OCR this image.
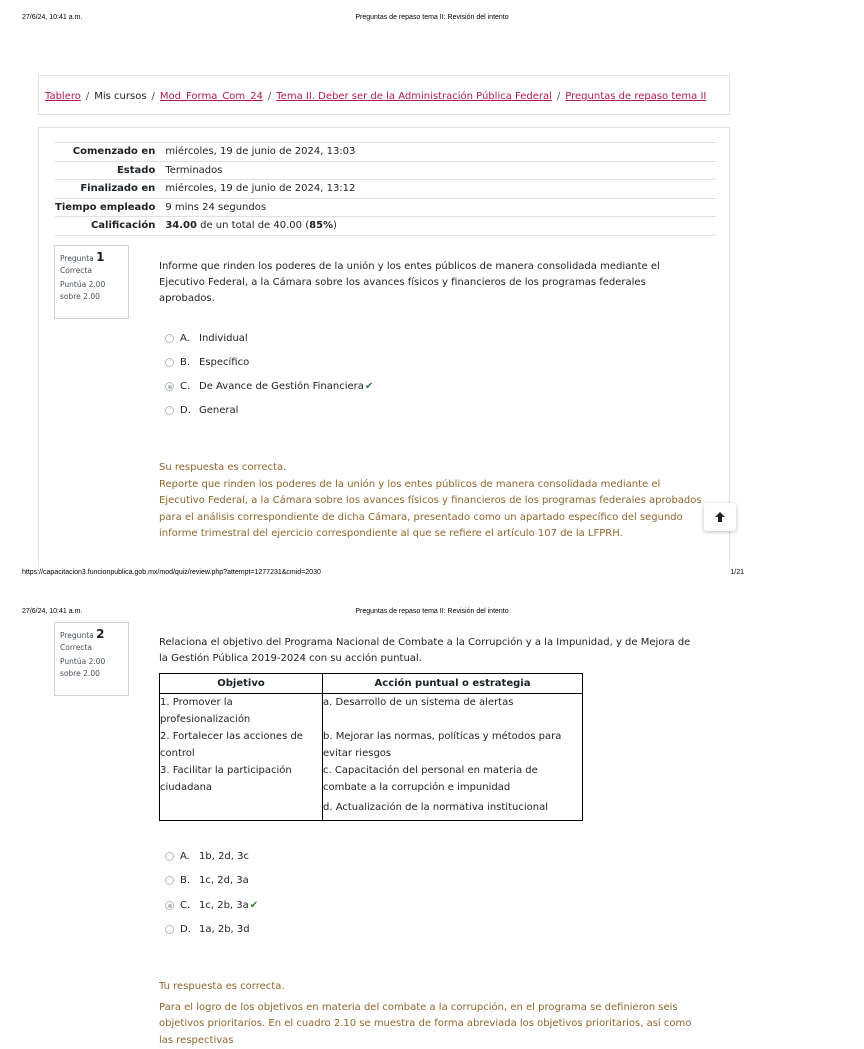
27/6/24, 10:41 a.m.	Preguntas de repaso tema II: Revisión del intento
Tablero / Mis cursos / Mod_Forma_Com_24 / Tema II. Deber ser de la Administración Pública Federal / Preguntas de repaso tema II
Comenzado en	miércoles, 19 de junio de 2024, 13:03
Estado	Terminados
Finalizado en	miércoles, 19 de junio de 2024, 13:12
Tiempo empleado	9 mins 24 segundos
Calificación	34.00 de un total de 40.00 (85%)
Pregunta 1
Correcta
Puntúa 2.00 sobre 2.00
Informe que rinden los poderes de la unión y los entes públicos de manera consolidada mediante el Ejecutivo Federal, a la Cámara sobre los avances físicos y financieros de los programas federales aprobados.
A. Individual
B. Específico
C. De Avance de Gestión Financiera ✔
D. General
Su respuesta es correcta.
Reporte que rinden los poderes de la unión y los entes públicos de manera consolidada mediante el Ejecutivo Federal, a la Cámara sobre los avances físicos y financieros de los programas federales aprobados para el análisis correspondiente de dicha Cámara, presentado como un apartado específico del segundo informe trimestral del ejercicio correspondiente al que se refiere el artículo 107 de la LFPRH.
https://capacitacion3.funcionpublica.gob.mx/mod/quiz/review.php?attempt=1277231&cmid=2030	1/21
27/6/24, 10:41 a.m.	Preguntas de repaso tema II: Revisión del intento
Pregunta 2
Correcta
Puntúa 2.00 sobre 2.00
Relaciona el objetivo del Programa Nacional de Combate a la Corrupción y a la Impunidad, y de Mejora de la Gestión Pública 2019-2024 con su acción puntual.
Objetivo	Acción puntual o estrategia
1. Promover la profesionalización	a. Desarrollo de un sistema de alertas
2. Fortalecer las acciones de control	b. Mejorar las normas, políticas y métodos para evitar riesgos
3. Facilitar la participación ciudadana	c. Capacitación del personal en materia de combate a la corrupción e impunidad
	d. Actualización de la normativa institucional
A. 1b, 2d, 3c
B. 1c, 2d, 3a
C. 1c, 2b, 3a ✔
D. 1a, 2b, 3d
Tu respuesta es correcta.
Para el logro de los objetivos en materia del combate a la corrupción, en el programa se definieron seis objetivos prioritarios. En el cuadro 2.10 se muestra de forma abreviada los objetivos prioritarios, así como las respectivas
